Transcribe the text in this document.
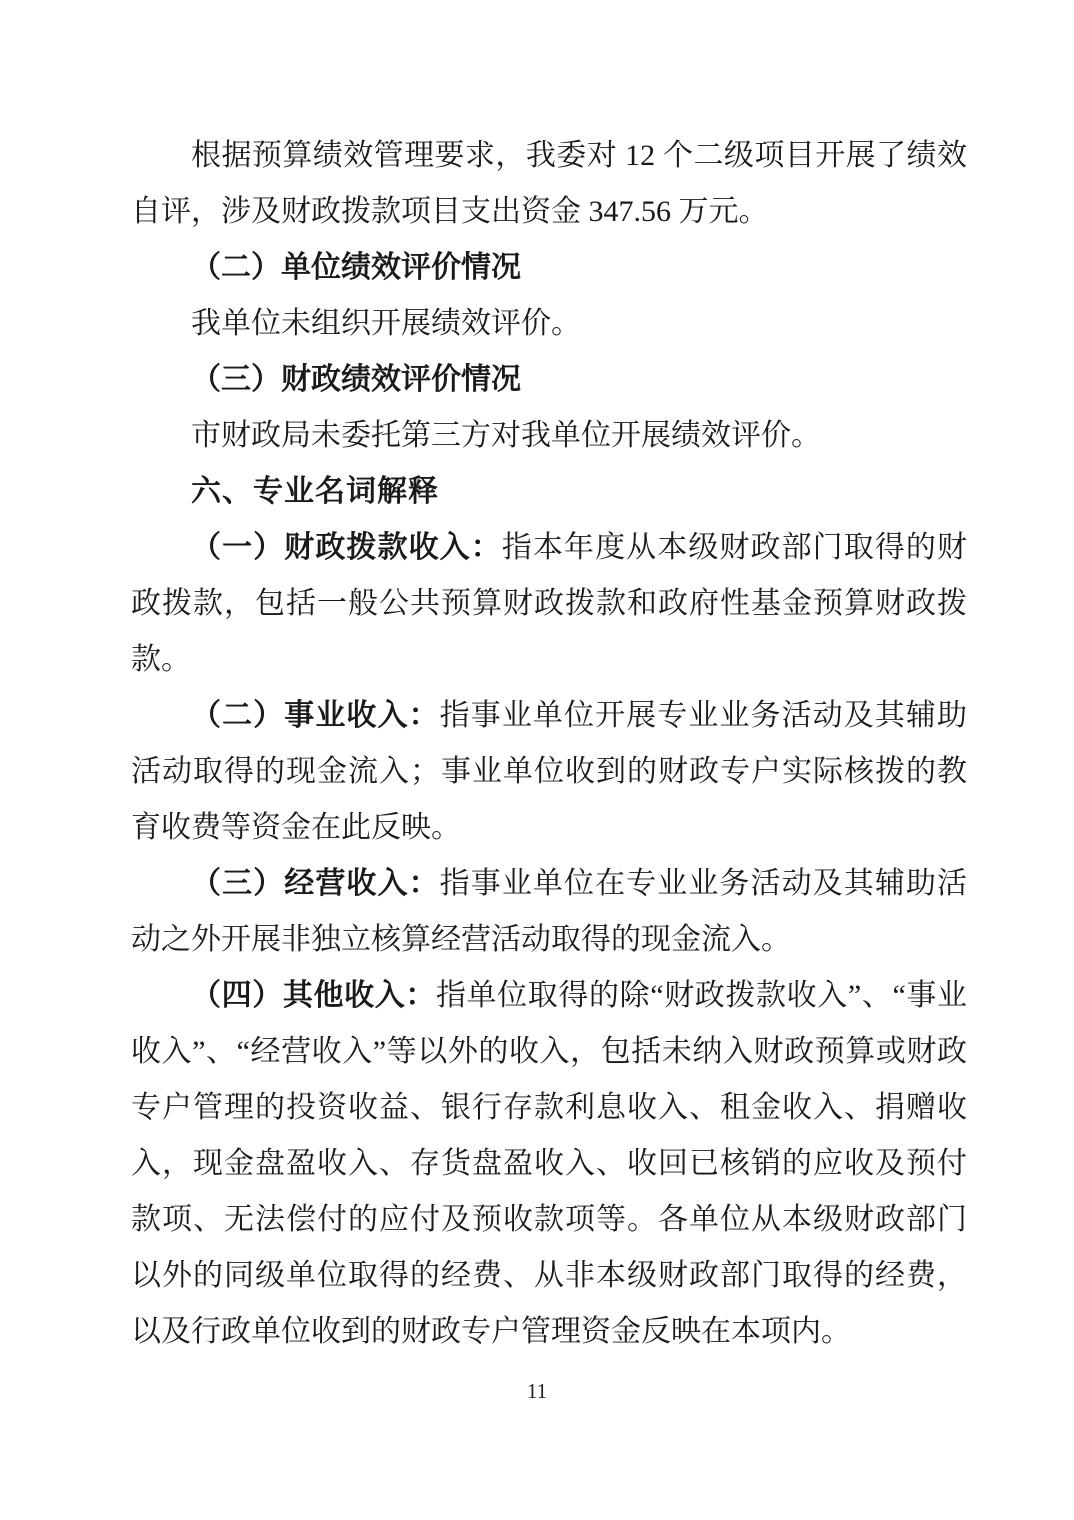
根据预算绩效管理要求，我委对 12 个二级项目开展了绩效自评，涉及财政拨款项目支出资金 347.56 万元。

（二）单位绩效评价情况

我单位未组织开展绩效评价。

（三）财政绩效评价情况

市财政局未委托第三方对我单位开展绩效评价。

六、专业名词解释

（一）财政拨款收入：指本年度从本级财政部门取得的财政拨款，包括一般公共预算财政拨款和政府性基金预算财政拨款。

（二）事业收入：指事业单位开展专业业务活动及其辅助活动取得的现金流入；事业单位收到的财政专户实际核拨的教育收费等资金在此反映。

（三）经营收入：指事业单位在专业业务活动及其辅助活动之外开展非独立核算经营活动取得的现金流入。

（四）其他收入：指单位取得的除“财政拨款收入”、“事业收入”、“经营收入”等以外的收入，包括未纳入财政预算或财政专户管理的投资收益、银行存款利息收入、租金收入、捐赠收入，现金盘盈收入、存货盘盈收入、收回已核销的应收及预付款项、无法偿付的应付及预收款项等。各单位从本级财政部门以外的同级单位取得的经费、从非本级财政部门取得的经费，以及行政单位收到的财政专户管理资金反映在本项内。

11
